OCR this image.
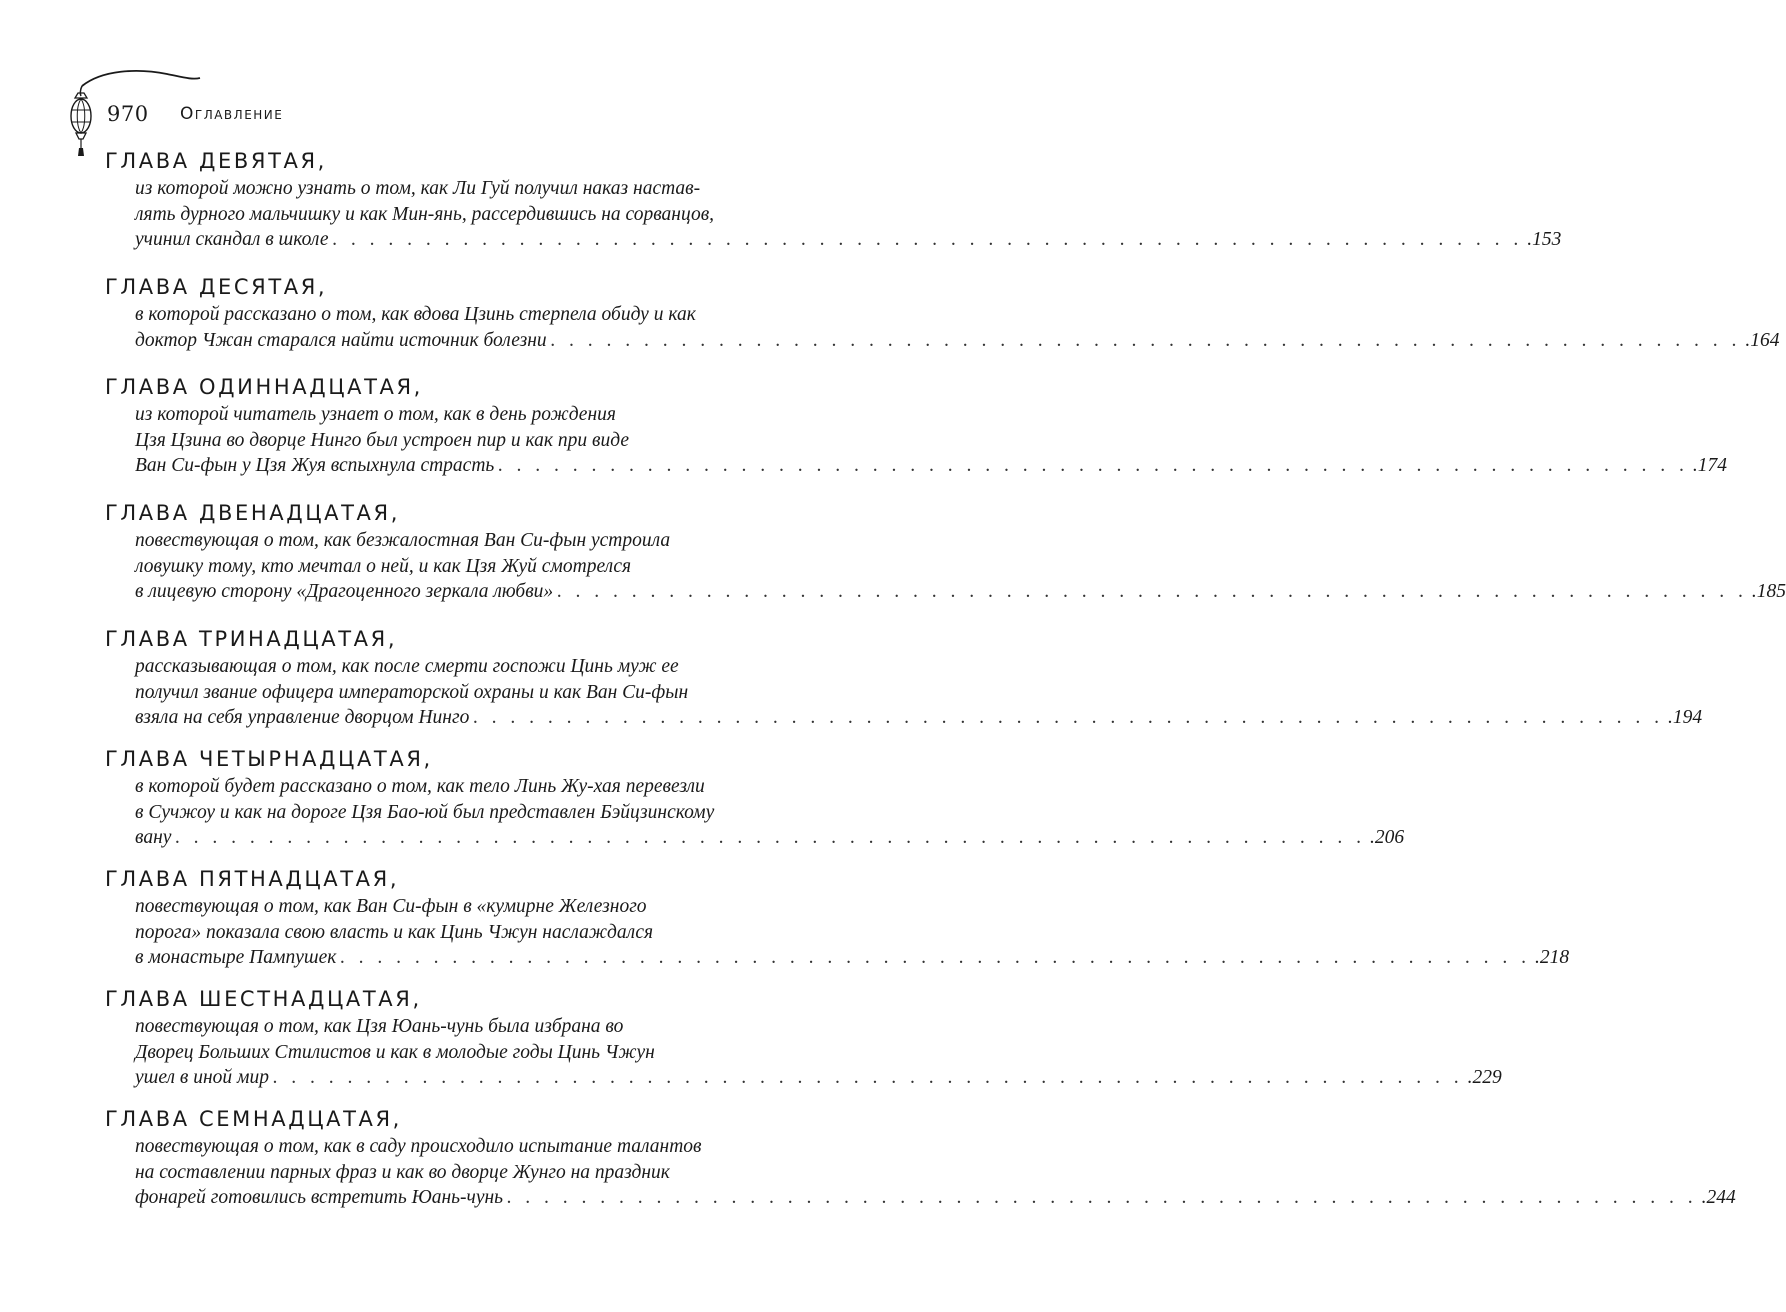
970 Оглавление
ГЛАВА ДЕВЯТАЯ,
из которой можно узнать о том, как Ли Гуй получил наказ настав-
лять дурного мальчишку и как Мин-янь, рассердившись на сорванцов,
учинил скандал в школе . . . . . . . . . . . . . . . . . . . . . . . . . . . . . . . . . . . . . . . . . . . . . . . . . . . . . . . . . . . . . . . . .153
ГЛАВА ДЕСЯТАЯ,
в которой рассказано о том, как вдова Цзинь стерпела обиду и как
доктор Чжан старался найти источник болезни . . . . . . . . . . . . . . . . . . . . . . . . . . . . . . . . . . . . . . . . . . . . . . . . . . . . . . . . . . . . . . . . .164
ГЛАВА ОДИННАДЦАТАЯ,
из которой читатель узнает о том, как в день рождения
Цзя Цзина во дворце Нинго был устроен пир и как при виде
Ван Си-фын у Цзя Жуя вспыхнула страсть . . . . . . . . . . . . . . . . . . . . . . . . . . . . . . . . . . . . . . . . . . . . . . . . . . . . . . . . . . . . . . . . .174
ГЛАВА ДВЕНАДЦАТАЯ,
повествующая о том, как безжалостная Ван Си-фын устроила
ловушку тому, кто мечтал о ней, и как Цзя Жуй смотрелся
в лицевую сторону «Драгоценного зеркала любви» . . . . . . . . . . . . . . . . . . . . . . . . . . . . . . . . . . . . . . . . . . . . . . . . . . . . . . . . . . . . . . . . .185
ГЛАВА ТРИНАДЦАТАЯ,
рассказывающая о том, как после смерти госпожи Цинь муж ее
получил звание офицера императорской охраны и как Ван Си-фын
взяла на себя управление дворцом Нинго . . . . . . . . . . . . . . . . . . . . . . . . . . . . . . . . . . . . . . . . . . . . . . . . . . . . . . . . . . . . . . . . .194
ГЛАВА ЧЕТЫРНАДЦАТАЯ,
в которой будет рассказано о том, как тело Линь Жу-хая перевезли
в Сучжоу и как на дороге Цзя Бао-юй был представлен Бэйцзинскому
вану . . . . . . . . . . . . . . . . . . . . . . . . . . . . . . . . . . . . . . . . . . . . . . . . . . . . . . . . . . . . . . . . .206
ГЛАВА ПЯТНАДЦАТАЯ,
повествующая о том, как Ван Си-фын в «кумирне Железного
порога» показала свою власть и как Цинь Чжун наслаждался
в монастыре Пампушек . . . . . . . . . . . . . . . . . . . . . . . . . . . . . . . . . . . . . . . . . . . . . . . . . . . . . . . . . . . . . . . . .218
ГЛАВА ШЕСТНАДЦАТАЯ,
повествующая о том, как Цзя Юань-чунь была избрана во
Дворец Больших Стилистов и как в молодые годы Цинь Чжун
ушел в иной мир . . . . . . . . . . . . . . . . . . . . . . . . . . . . . . . . . . . . . . . . . . . . . . . . . . . . . . . . . . . . . . . . .229
ГЛАВА СЕМНАДЦАТАЯ,
повествующая о том, как в саду происходило испытание талантов
на составлении парных фраз и как во дворце Жунго на праздник
фонарей готовились встретить Юань-чунь . . . . . . . . . . . . . . . . . . . . . . . . . . . . . . . . . . . . . . . . . . . . . . . . . . . . . . . . . . . . . . . . .244
